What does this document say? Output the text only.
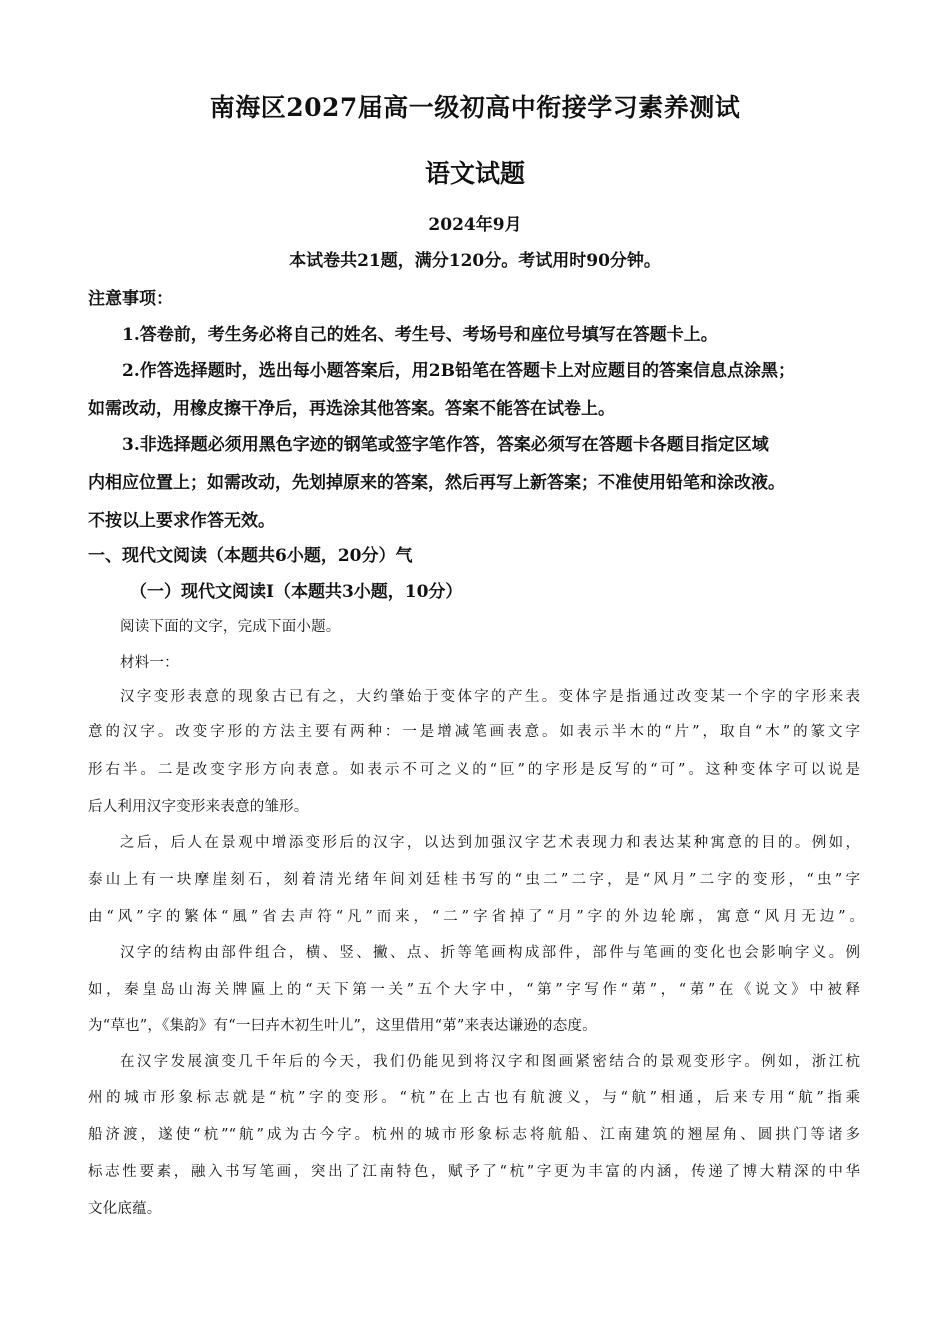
南海区2027届高一级初高中衔接学习素养测试
语文试题
2024年9月
本试卷共21题，满分120分。考试用时90分钟。
注意事项：
1.答卷前，考生务必将自己的姓名、考生号、考场号和座位号填写在答题卡上。
2.作答选择题时，选出每小题答案后，用2B铅笔在答题卡上对应题目的答案信息点涂黑；
如需改动，用橡皮擦干净后，再选涂其他答案。答案不能答在试卷上。
3.非选择题必须用黑色字迹的钢笔或签字笔作答，答案必须写在答题卡各题目指定区域
内相应位置上；如需改动，先划掉原来的答案，然后再写上新答案；不准使用铅笔和涂改液。
不按以上要求作答无效。
一、现代文阅读（本题共6小题，20分）气
（一）现代文阅读Ⅰ（本题共3小题，10分）
阅读下面的文字，完成下面小题。
材料一：
汉字变形表意的现象古已有之，大约肇始于变体字的产生。变体字是指通过改变某一个字的字形来表
意的汉字。改变字形的方法主要有两种：一是增减笔画表意。如表示半木的“片”，取自“木”的篆文字
形右半。二是改变字形方向表意。如表示不可之义的“叵”的字形是反写的“可”。这种变体字可以说是
后人利用汉字变形来表意的雏形。
之后，后人在景观中增添变形后的汉字，以达到加强汉字艺术表现力和表达某种寓意的目的。例如，
泰山上有一块摩崖刻石，刻着清光绪年间刘廷桂书写的“虫二”二字，是“风月”二字的变形，“虫”字
由“风”字的繁体“風”省去声符“凡”而来，“二”字省掉了“月”字的外边轮廓，寓意“风月无边”。
汉字的结构由部件组合，横、竖、撇、点、折等笔画构成部件，部件与笔画的变化也会影响字义。例
如，秦皇岛山海关牌匾上的“天下第一关”五个大字中，“第”字写作“苐”，“苐”在《说文》中被释
为“草也”，《集韵》有“一曰卉木初生叶儿”，这里借用“苐”来表达谦逊的态度。
在汉字发展演变几千年后的今天，我们仍能见到将汉字和图画紧密结合的景观变形字。例如，浙江杭
州的城市形象标志就是“杭”字的变形。“杭”在上古也有航渡义，与“航”相通，后来专用“航”指乘
船济渡，遂使“杭”“航”成为古今字。杭州的城市形象标志将航船、江南建筑的翘屋角、圆拱门等诸多
标志性要素，融入书写笔画，突出了江南特色，赋予了“杭”字更为丰富的内涵，传递了博大精深的中华
文化底蕴。
